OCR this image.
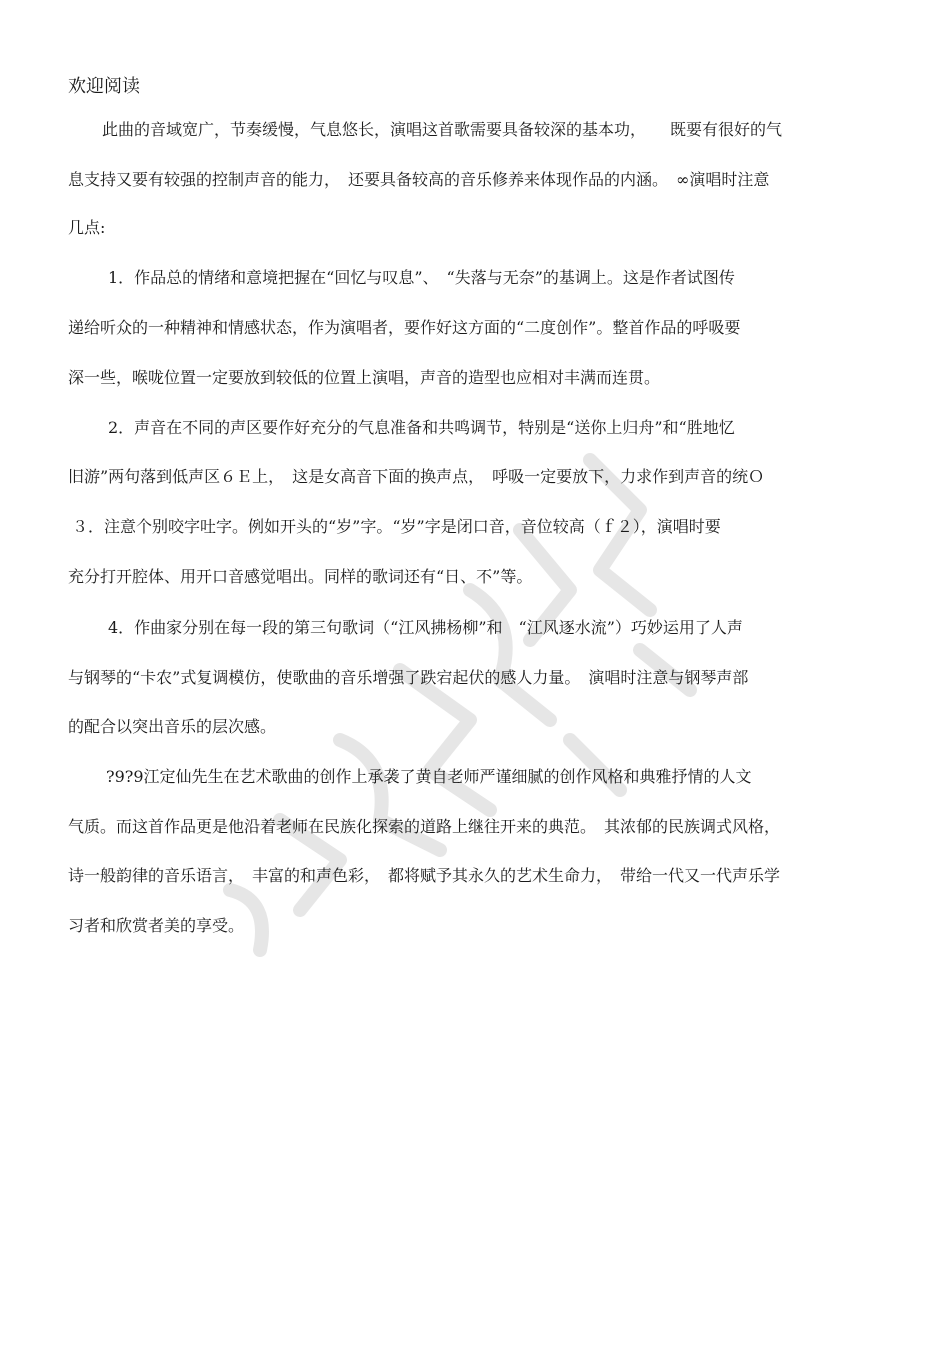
欢迎阅读
此曲的音域宽广，节奏缓慢，气息悠长，演唱这首歌需要具备较深的基本功，　　既要有很好的气
息支持又要有较强的控制声音的能力，　还要具备较高的音乐修养来体现作品的内涵。　∞演唱时注意
几点:
1．作品总的情绪和意境把握在“回忆与叹息”、　“失落与无奈”的基调上。这是作者试图传
递给听众的一种精神和情感状态，作为演唱者，要作好这方面的“二度创作”。整首作品的呼吸要
深一些，喉咙位置一定要放到较低的位置上演唱，声音的造型也应相对丰满而连贯。
2．声音在不同的声区要作好充分的气息准备和共鸣调节，特别是“送你上归舟”和“胜地忆
旧游”两句落到低声区６Ｅ上，　这是女高音下面的换声点，　呼吸一定要放下，力求作到声音的统Ｏ
３．注意个别咬字吐字。例如开头的“岁”字。“岁”字是闭口音，音位较高（ｆ２），演唱时要
充分打开腔体、用开口音感觉唱出。同样的歌词还有“日、不”等。
4．作曲家分别在每一段的第三句歌词（“江风拂杨柳”和　“江风逐水流”）巧妙运用了人声
与钢琴的“卡农”式复调模仿，使歌曲的音乐增强了跌宕起伏的感人力量。　演唱时注意与钢琴声部
的配合以突出音乐的层次感。
?9?9江定仙先生在艺术歌曲的创作上承袭了黄自老师严谨细腻的创作风格和典雅抒情的人文
气质。而这首作品更是他沿着老师在民族化探索的道路上继往开来的典范。　其浓郁的民族调式风格，
诗一般韵律的音乐语言，　丰富的和声色彩，　都将赋予其永久的艺术生命力，　带给一代又一代声乐学
习者和欣赏者美的享受。
